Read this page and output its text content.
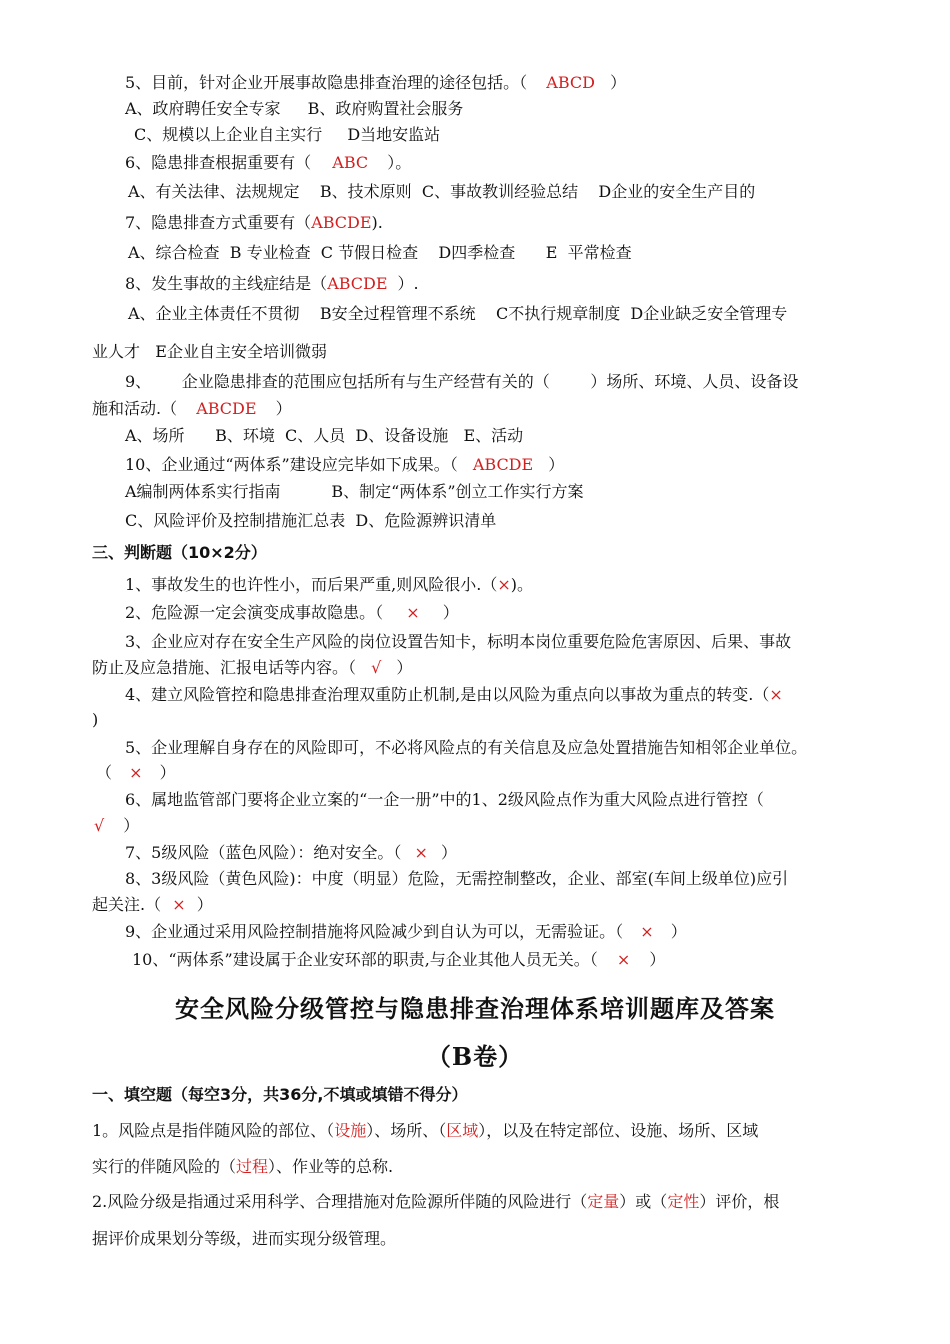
5、目前，针对企业开展事故隐患排查治理的途径包括。（ ABCD ）
A、政府聘任安全专家 B、政府购置社会服务
C、规模以上企业自主实行 D当地安监站
6、隐患排查根据重要有（ ABC ）。
A、有关法律、法规规定    B、技术原则  C、事故教训经验总结    D企业的安全生产目的
7、隐患排查方式重要有（ABCDE).
A、综合检查  B 专业检查  C 节假日检查    D四季检查      E  平常检查
8、发生事故的主线症结是（ABCDE ）.
A、企业主体责任不贯彻    B安全过程管理不系统    C不执行规章制度  D企业缺乏安全管理专
业人才   E企业自主安全培训微弱
9、      企业隐患排查的范围应包括所有与生产经营有关的（        ）场所、环境、人员、设备设
施和活动.（ ABCDE ）
A、场所      B、环境  C、人员  D、设备设施   E、活动
10、企业通过“两体系”建设应完毕如下成果。（ ABCDE ）
A编制两体系实行指南          B、制定“两体系”创立工作实行方案
C、风险评价及控制措施汇总表  D、危险源辨识清单
三、判断题（10×2分）
1、事故发生的也许性小，而后果严重,则风险很小.（×)。
2、危险源一定会演变成事故隐患。（ × ）
3、企业应对存在安全生产风险的岗位设置告知卡，标明本岗位重要危险危害原因、后果、事故
防止及应急措施、汇报电话等内容。（ √ ）
4、建立风险管控和隐患排查治理双重防止机制,是由以风险为重点向以事故为重点的转变.（×
)
5、企业理解自身存在的风险即可，不必将风险点的有关信息及应急处置措施告知相邻企业单位。
（ × ）
6、属地监管部门要将企业立案的“一企一册”中的1、2级风险点作为重大风险点进行管控（
√ ）
7、5级风险（蓝色风险）：绝对安全。（ × ）
8、3级风险（黄色风险)：中度（明显）危险，无需控制整改，企业、部室(车间上级单位)应引
起关注.（ × ）
9、企业通过采用风险控制措施将风险减少到自认为可以，无需验证。（ × ）
10、“两体系”建设属于企业安环部的职责,与企业其他人员无关。（ × ）
安全风险分级管控与隐患排查治理体系培训题库及答案
（B卷）
一、填空题（每空3分，共36分,不填或填错不得分）
1。风险点是指伴随风险的部位、（设施）、场所、（区域），以及在特定部位、设施、场所、区域
实行的伴随风险的（过程）、作业等的总称.
2.风险分级是指通过采用科学、合理措施对危险源所伴随的风险进行（定量）或（定性）评价，根
据评价成果划分等级，进而实现分级管理。
